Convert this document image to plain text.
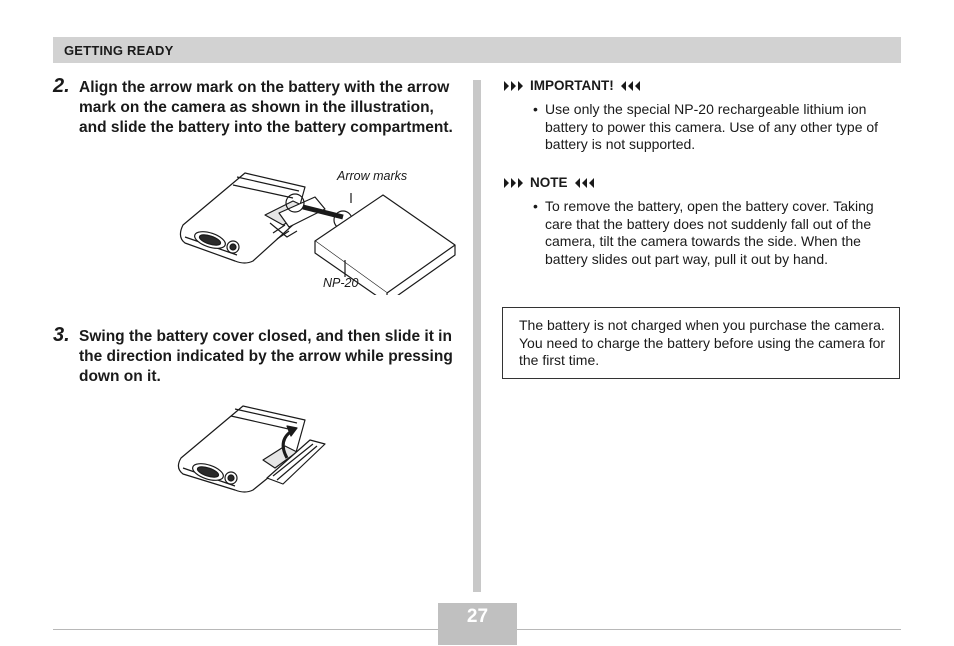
GETTING READY
2. Align the arrow mark on the battery with the arrow mark on the camera as shown in the illustration, and slide the battery into the battery compartment.
Arrow marks
NP-20
3. Swing the battery cover closed, and then slide it in the direction indicated by the arrow while pressing down on it.
IMPORTANT!
• Use only the special NP-20 rechargeable lithium ion battery to power this camera. Use of any other type of battery is not supported.
NOTE
• To remove the battery, open the battery cover. Taking care that the battery does not suddenly fall out of the camera, tilt the camera towards the side. When the battery slides out part way, pull it out by hand.
The battery is not charged when you purchase the camera. You need to charge the battery before using the camera for the first time.
27
